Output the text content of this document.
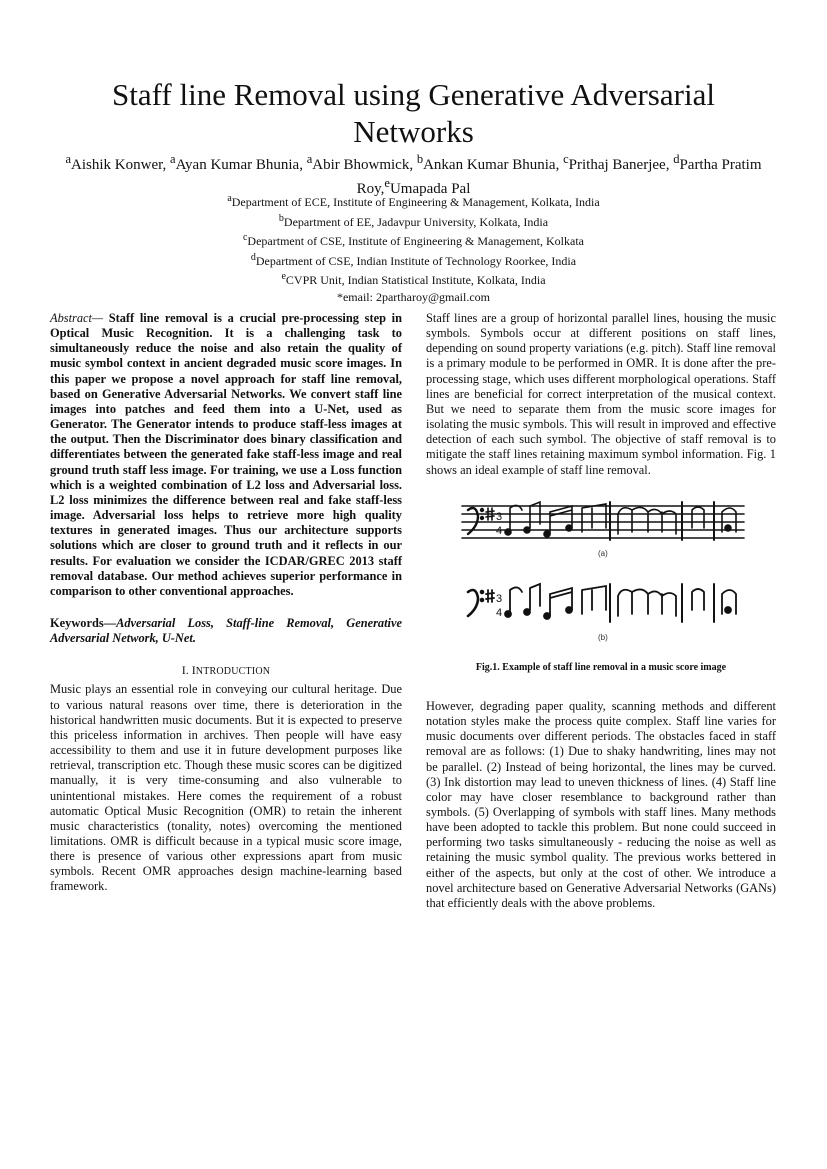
Staff line Removal using Generative Adversarial Networks
$^a$Aishik Konwer, $^a$Ayan Kumar Bhunia, $^a$Abir Bhowmick, $^b$Ankan Kumar Bhunia, $^c$Prithaj Banerjee, $^d$Partha Pratim Roy,$^e$Umapada Pal
$^a$Department of ECE, Institute of Engineering & Management, Kolkata, India
$^b$Department of EE, Jadavpur University, Kolkata, India
$^c$Department of CSE, Institute of Engineering & Management, Kolkata
$^d$Department of CSE, Indian Institute of Technology Roorkee, India
$^e$CVPR Unit, Indian Statistical Institute, Kolkata, India
*email: 2partharoy@gmail.com

Abstract— Staff line removal is a crucial pre-processing step in Optical Music Recognition. It is a challenging task to simultaneously reduce the noise and also retain the quality of music symbol context in ancient degraded music score images. In this paper we propose a novel approach for staff line removal, based on Generative Adversarial Networks. We convert staff line images into patches and feed them into a U-Net, used as Generator. The Generator intends to produce staff-less images at the output. Then the Discriminator does binary classification and differentiates between the generated fake staff-less image and real ground truth staff less image. For training, we use a Loss function which is a weighted combination of L2 loss and Adversarial loss. L2 loss minimizes the difference between real and fake staff-less image. Adversarial loss helps to retrieve more high quality textures in generated images. Thus our architecture supports solutions which are closer to ground truth and it reflects in our results. For evaluation we consider the ICDAR/GREC 2013 staff removal database. Our method achieves superior performance in comparison to other conventional approaches.

Keywords—Adversarial Loss, Staff-line Removal, Generative Adversarial Network, U-Net.

I. INTRODUCTION

Music plays an essential role in conveying our cultural heritage. Due to various natural reasons over time, there is deterioration in the historical handwritten music documents. But it is expected to preserve this priceless information in archives. Then people will have easy accessibility to them and use it in future development purposes like retrieval, transcription etc. Though these music scores can be digitized manually, it is very time-consuming and also vulnerable to unintentional mistakes. Here comes the requirement of a robust automatic Optical Music Recognition (OMR) to retain the inherent music characteristics (tonality, notes) overcoming the mentioned limitations. OMR is difficult because in a typical music score image, there is presence of various other expressions apart from music symbols. Recent OMR approaches design machine-learning based framework.

Staff lines are a group of horizontal parallel lines, housing the music symbols. Symbols occur at different positions on staff lines, depending on sound property variations (e.g. pitch). Staff line removal is a primary module to be performed in OMR. It is done after the pre-processing stage, which uses different morphological operations. Staff lines are beneficial for correct interpretation of the musical context. But we need to separate them from the music score images for isolating the music symbols. This will result in improved and effective detection of each such symbol. The objective of staff removal is to mitigate the staff lines retaining maximum symbol information. Fig. 1 shows an ideal example of staff line removal.

3
4
(a)
3
4
(b)
Fig.1. Example of staff line removal in a music score image

However, degrading paper quality, scanning methods and different notation styles make the process quite complex. Staff line varies for music documents over different periods. The obstacles faced in staff removal are as follows: (1) Due to shaky handwriting, lines may not be parallel. (2) Instead of being horizontal, the lines may be curved. (3) Ink distortion may lead to uneven thickness of lines. (4) Staff line color may have closer resemblance to background rather than symbols. (5) Overlapping of symbols with staff lines. Many methods have been adopted to tackle this problem. But none could succeed in performing two tasks simultaneously - reducing the noise as well as retaining the music symbol quality. The previous works bettered in either of the aspects, but only at the cost of other. We introduce a novel architecture based on Generative Adversarial Networks (GANs) that efficiently deals with the above problems.
